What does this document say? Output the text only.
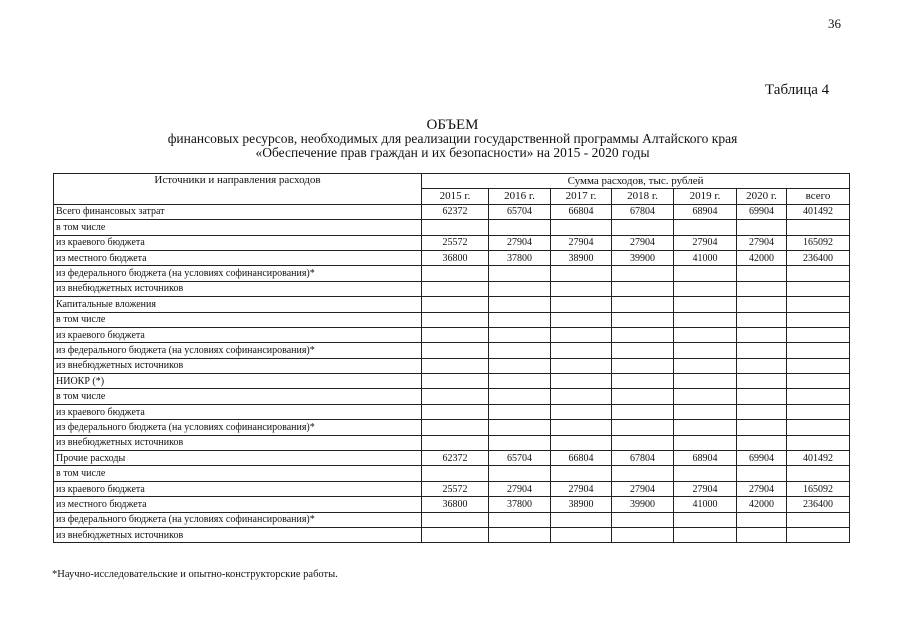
36
Таблица 4
ОБЪЕМ
финансовых ресурсов, необходимых для реализации государственной программы Алтайского края
«Обеспечение прав граждан и их безопасности» на 2015 - 2020 годы
Источники и направления расходов	Сумма расходов, тыс. рублей						
	2015 г.	2016 г.	2017 г.	2018 г.	2019 г.	2020 г.	всего
Всего финансовых затрат	62372	65704	66804	67804	68904	69904	401492
в том числе							
из краевого бюджета	25572	27904	27904	27904	27904	27904	165092
из местного бюджета	36800	37800	38900	39900	41000	42000	236400
из федерального бюджета (на условиях софинансирования)*							
из внебюджетных источников							
Капитальные вложения							
в том числе							
из краевого бюджета							
из федерального бюджета (на условиях софинансирования)*							
из внебюджетных источников							
НИОКР (*)							
в том числе							
из краевого бюджета							
из федерального бюджета (на условиях софинансирования)*							
из внебюджетных источников							
Прочие расходы	62372	65704	66804	67804	68904	69904	401492
в том числе							
из краевого бюджета	25572	27904	27904	27904	27904	27904	165092
из местного бюджета	36800	37800	38900	39900	41000	42000	236400
из федерального бюджета (на условиях софинансирования)*							
из внебюджетных источников							
*Научно-исследовательские и опытно-конструкторские работы.
